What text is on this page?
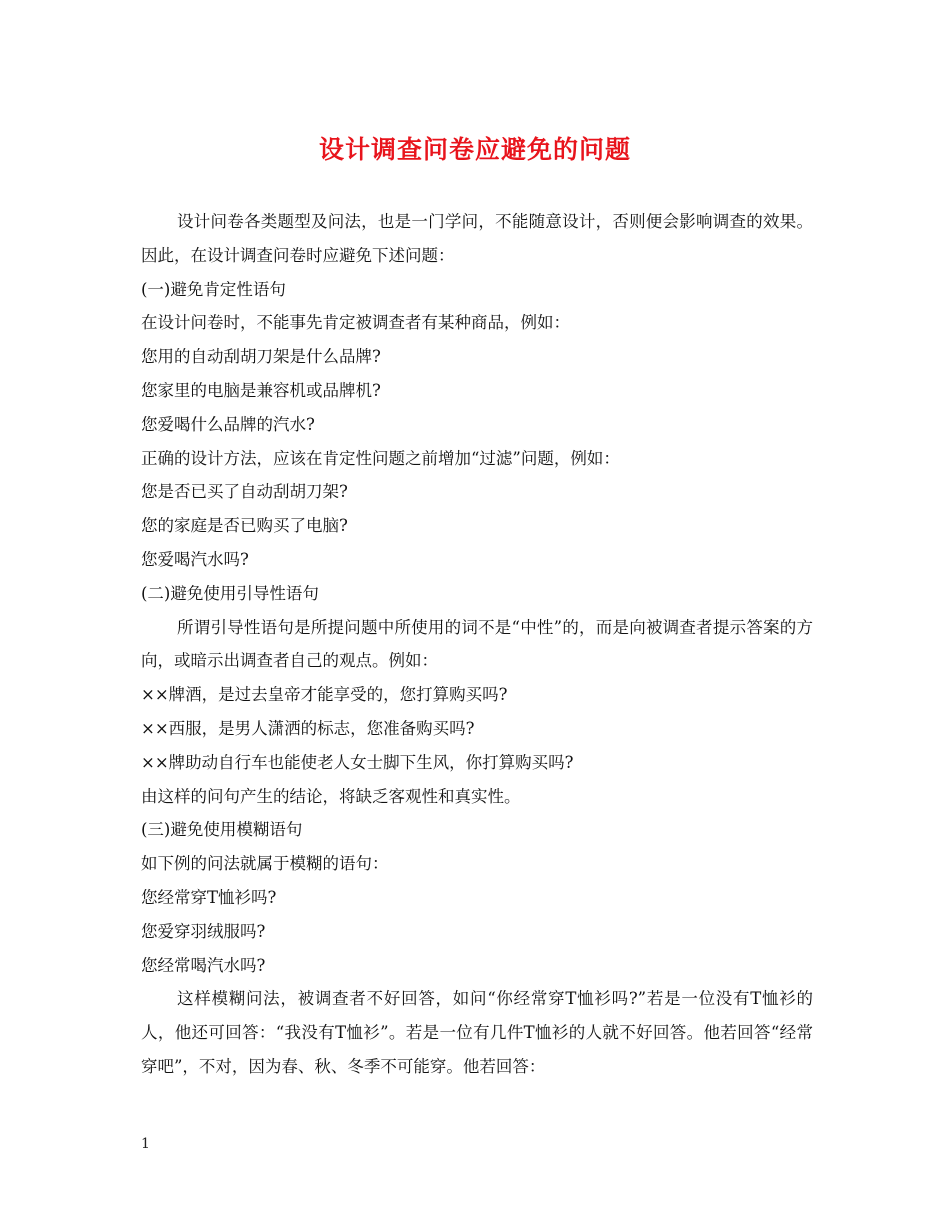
设计调查问卷应避免的问题

设计问卷各类题型及问法，也是一门学问，不能随意设计，否则便会影响调查的效果。因此，在设计调查问卷时应避免下述问题：

(一)避免肯定性语句

在设计问卷时，不能事先肯定被调查者有某种商品，例如：

您用的自动刮胡刀架是什么品牌?

您家里的电脑是兼容机或品牌机?

您爱喝什么品牌的汽水?

正确的设计方法，应该在肯定性问题之前增加“过滤”问题，例如：

您是否已买了自动刮胡刀架?

您的家庭是否已购买了电脑?

您爱喝汽水吗?

(二)避免使用引导性语句

所谓引导性语句是所提问题中所使用的词不是“中性”的，而是向被调查者提示答案的方向，或暗示出调查者自己的观点。例如：

××牌酒，是过去皇帝才能享受的，您打算购买吗?

××西服，是男人潇洒的标志，您准备购买吗?

××牌助动自行车也能使老人女士脚下生风，你打算购买吗?

由这样的问句产生的结论，将缺乏客观性和真实性。

(三)避免使用模糊语句

如下例的问法就属于模糊的语句：

您经常穿T恤衫吗?

您爱穿羽绒服吗?

您经常喝汽水吗?

这样模糊问法，被调查者不好回答，如问“你经常穿T恤衫吗?”若是一位没有T恤衫的人，他还可回答：“我没有T恤衫”。若是一位有几件T恤衫的人就不好回答。他若回答“经常穿吧”，不对，因为春、秋、冬季不可能穿。他若回答：

1
